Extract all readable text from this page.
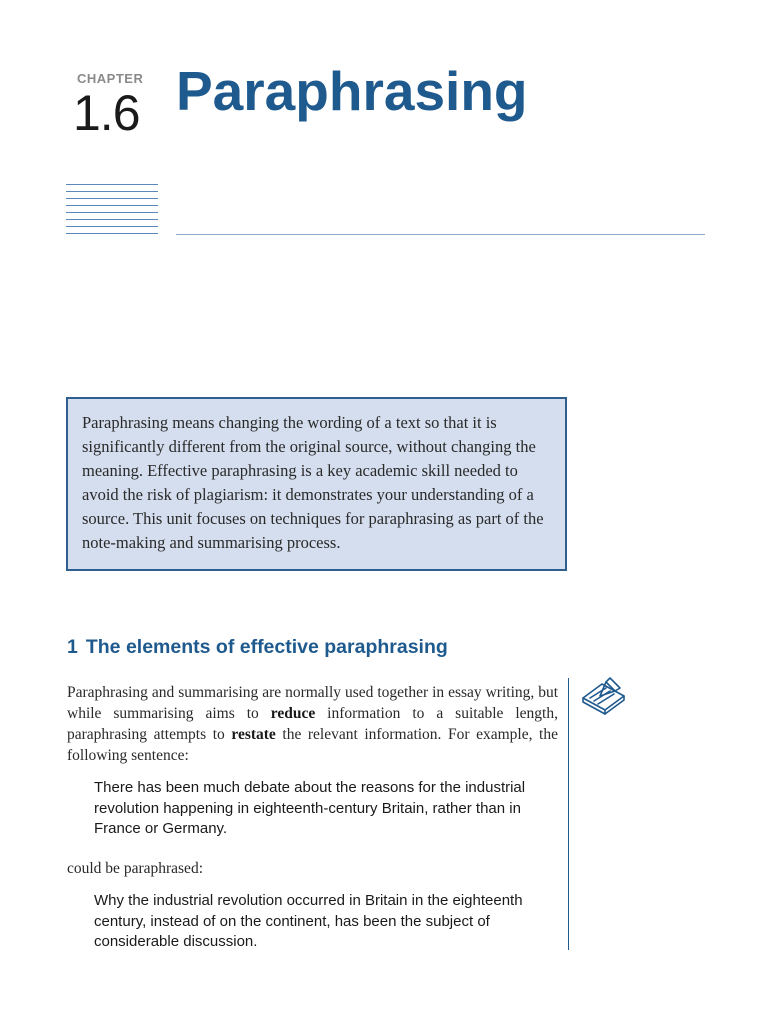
CHAPTER
1.6 Paraphrasing
Paraphrasing means changing the wording of a text so that it is significantly different from the original source, without changing the meaning. Effective paraphrasing is a key academic skill needed to avoid the risk of plagiarism: it demonstrates your understanding of a source. This unit focuses on techniques for paraphrasing as part of the note-making and summarising process.
1 The elements of effective paraphrasing

Paraphrasing and summarising are normally used together in essay writing, but while summarising aims to reduce information to a suitable length, paraphrasing attempts to restate the relevant information. For example, the following sentence:

There has been much debate about the reasons for the industrial revolution happening in eighteenth-century Britain, rather than in France or Germany.

could be paraphrased:

Why the industrial revolution occurred in Britain in the eighteenth century, instead of on the continent, has been the subject of considerable discussion.
